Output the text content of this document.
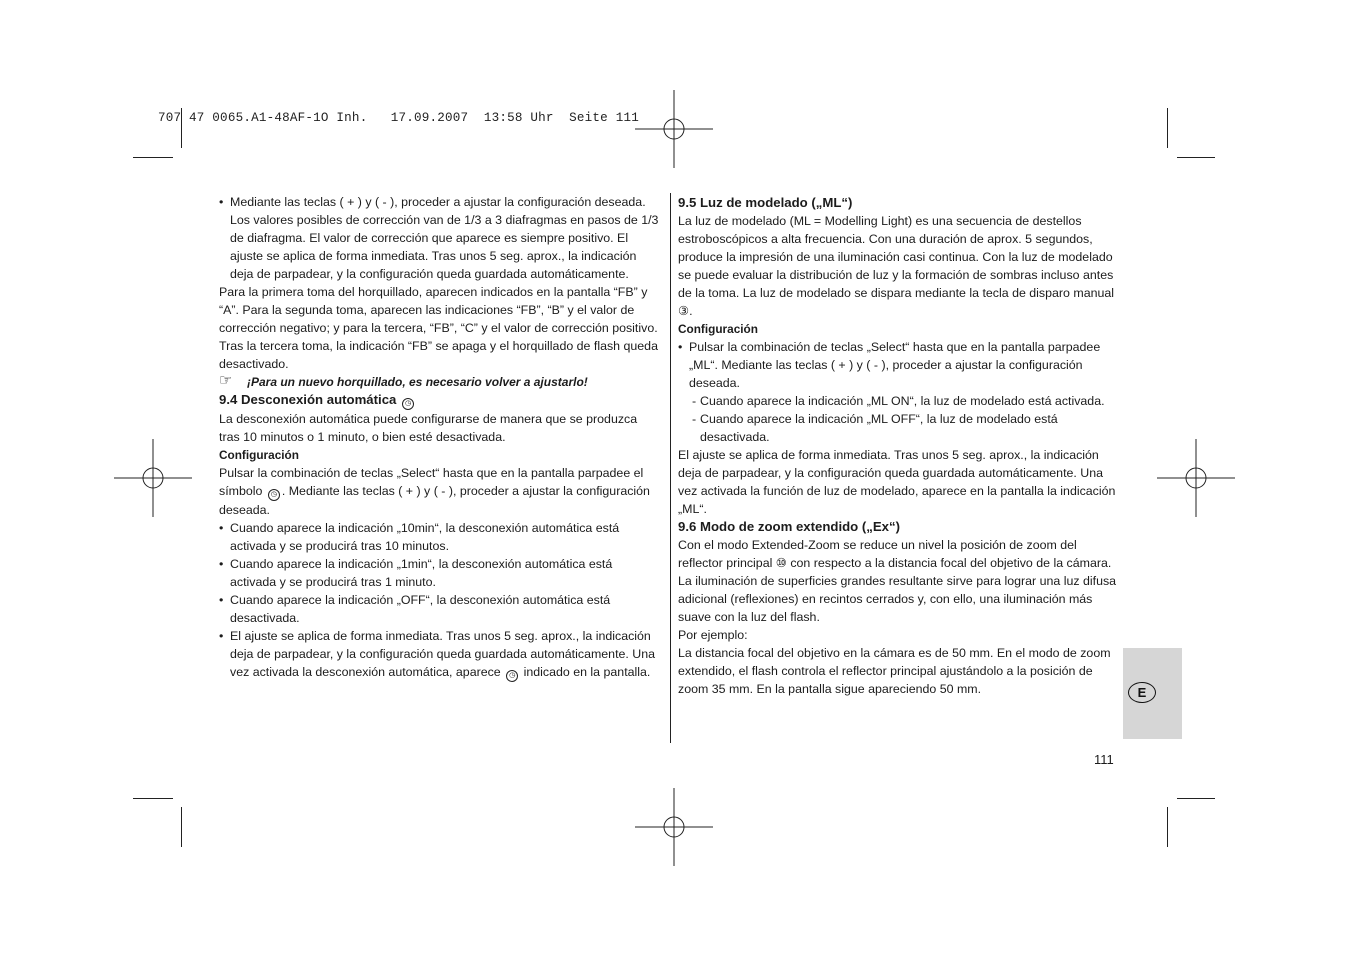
707 47 0065.A1-48AF-1O Inh.   17.09.2007  13:58 Uhr  Seite 111

• Mediante las teclas ( + ) y ( - ), proceder a ajustar la configuración deseada. Los valores posibles de corrección van de 1/3 a 3 diafragmas en pasos de 1/3 de diafragma. El valor de corrección que aparece es siempre positivo. El ajuste se aplica de forma inmediata. Tras unos 5 seg. aprox., la indicación deja de parpadear, y la configuración queda guardada automáticamente.

Para la primera toma del horquillado, aparecen indicados en la pantalla “FB” y “A”. Para la segunda toma, aparecen las indicaciones “FB”, “B” y el valor de corrección negativo; y para la tercera, “FB”, “C” y el valor de corrección positivo. Tras la tercera toma, la indicación “FB” se apaga y el horquillado de flash queda desactivado.

☞ ¡Para un nuevo horquillado, es necesario volver a ajustarlo!

9.4 Desconexión automática ◷

La desconexión automática puede configurarse de manera que se produzca tras 10 minutos o 1 minuto, o bien esté desactivada.

Configuración

Pulsar la combinación de teclas „Select“ hasta que en la pantalla parpadee el símbolo ◷ . Mediante las teclas ( + ) y ( - ), proceder a ajustar la configuración deseada.

• Cuando aparece la indicación „10min“, la desconexión automática está activada y se producirá tras 10 minutos.

• Cuando aparece la indicación „1min“, la desconexión automática está activada y se producirá tras 1 minuto.

• Cuando aparece la indicación „OFF“, la desconexión automática está desactivada.

• El ajuste se aplica de forma inmediata. Tras unos 5 seg. aprox., la indicación deja de parpadear, y la configuración queda guardada automáticamente. Una vez activada la desconexión automática, aparece ◷ indicado en la pantalla.

9.5 Luz de modelado („ML“)

La luz de modelado (ML = Modelling Light) es una secuencia de destellos estroboscópicos a alta frecuencia. Con una duración de aprox. 5 segundos, produce la impresión de una iluminación casi continua. Con la luz de modelado se puede evaluar la distribución de luz y la formación de sombras incluso antes de la toma. La luz de modelado se dispara mediante la tecla de disparo manual ③.

Configuración

• Pulsar la combinación de teclas „Select“ hasta que en la pantalla parpadee „ML“. Mediante las teclas ( + ) y ( - ), proceder a ajustar la configuración deseada.

- Cuando aparece la indicación „ML ON“, la luz de modelado está activada.

- Cuando aparece la indicación „ML OFF“, la luz de modelado está desactivada.

El ajuste se aplica de forma inmediata. Tras unos 5 seg. aprox., la indicación deja de parpadear, y la configuración queda guardada automáticamente. Una vez activada la función de luz de modelado, aparece en la pantalla la indicación „ML“.

9.6 Modo de zoom extendido („Ex“)

Con el modo Extended-Zoom se reduce un nivel la posición de zoom del reflector principal ⑩ con respecto a la distancia focal del objetivo de la cámara. La iluminación de superficies grandes resultante sirve para lograr una luz difusa adicional (reflexiones) en recintos cerrados y, con ello, una iluminación más suave con la luz del flash.

Por ejemplo:

La distancia focal del objetivo en la cámara es de 50 mm. En el modo de zoom extendido, el flash controla el reflector principal ajustándolo a la posición de zoom 35 mm. En la pantalla sigue apareciendo 50 mm.	E
111
